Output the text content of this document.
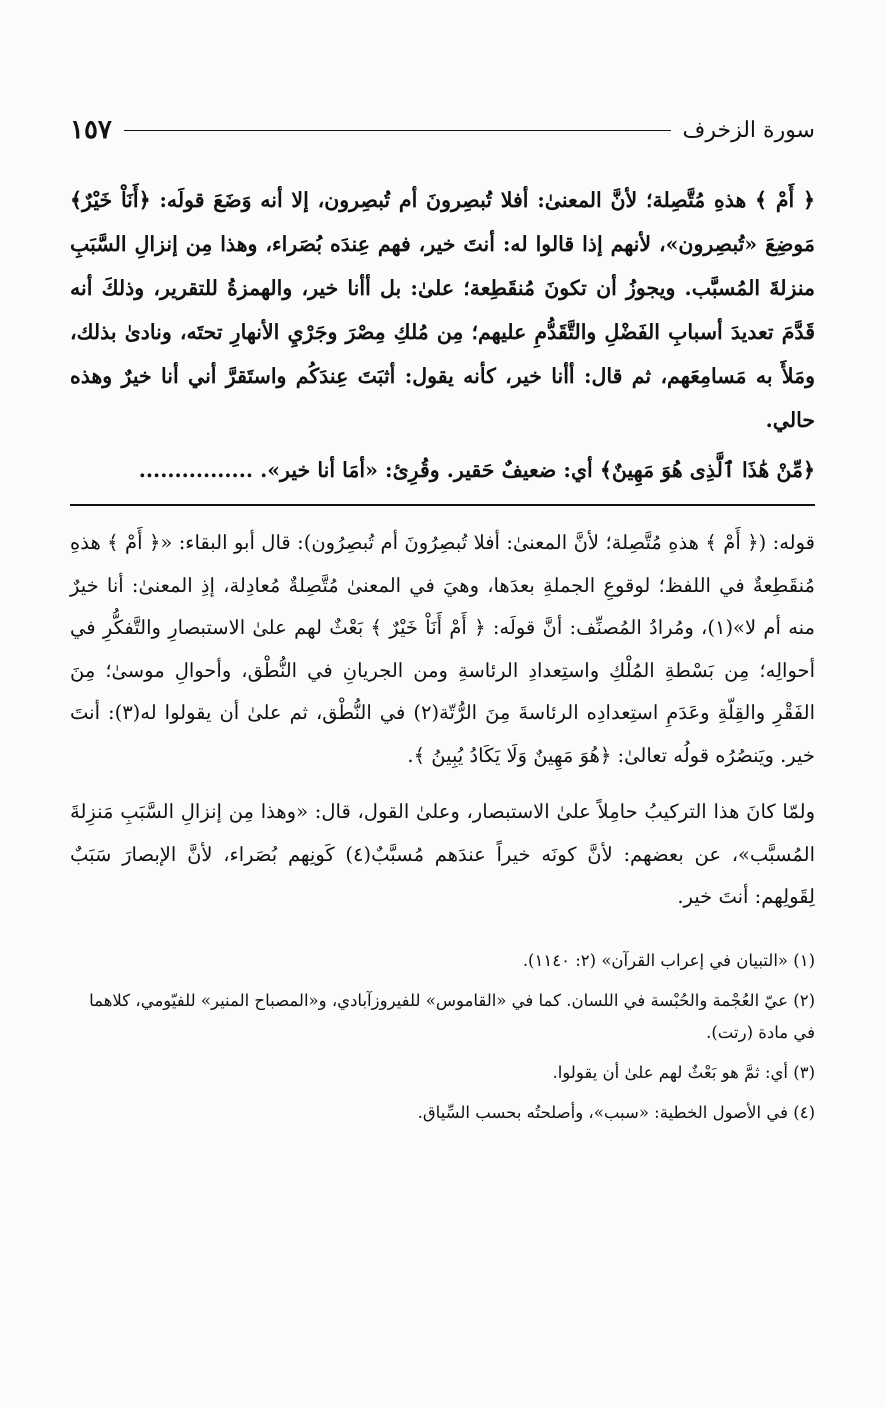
سورة الزخرف
١٥٧

﴿ أَمْ ﴾ هذهِ مُتَّصِلة؛ لأنَّ المعنىٰ: أفلا تُبصِرونَ أم تُبصِرون، إلا أنه وَضَعَ قولَه: ﴿أَنَاْ خَيْرٌ﴾ مَوضِعَ «تُبصِرون»، لأنهم إذا قالوا له: أنتَ خير، فهم عِندَه بُصَراء، وهذا مِن إنزالِ السَّبَبِ منزلةَ المُسبَّب. ويجوزُ أن تكونَ مُنقَطِعة؛ علىٰ: بل أأنا خير، والهمزةُ للتقرير، وذلكَ أنه قَدَّمَ تعديدَ أسبابِ الفَضْلِ والتَّقَدُّمِ عليهم؛ مِن مُلكِ مِصْرَ وجَرْيِ الأنهارِ تحتَه، ونادىٰ بذلك، ومَلأَ به مَسامِعَهم، ثم قال: أأنا خير، كأنه يقول: أثبَتَ عِندَكُم واستَقرَّ أني أنا خيرٌ وهذه حالي.

﴿مِّنْ هَٰذَا ٱلَّذِى هُوَ مَهِينٌ﴾ أي: ضعيفٌ حَقير. وقُرِئ: «أمَا أنا خير». ................

قوله: (﴿ أَمْ ﴾ هذهِ مُتَّصِلة؛ لأنَّ المعنىٰ: أفلا تُبصِرُونَ أم تُبصِرُون): قال أبو البقاء: «﴿ أَمْ ﴾ هذهِ مُنقَطِعةٌ في اللفظ؛ لوقوعِ الجملةِ بعدَها، وهيَ في المعنىٰ مُتَّصِلةٌ مُعادِلة، إذِ المعنىٰ: أنا خيرٌ منه أم لا»(١)، ومُرادُ المُصنِّف: أنَّ قولَه: ﴿ أَمْ أَنَاْ خَيْرٌ ﴾ بَعْثٌ لهم علىٰ الاستبصارِ والتَّفكُّرِ في أحوالِه؛ مِن بَسْطةِ المُلْكِ واستِعدادِ الرئاسةِ ومن الجريانِ في النُّطْق، وأحوالِ موسىٰ؛ مِنَ الفَقْرِ والقِلّةِ وعَدَمِ استِعدادِه الرئاسةَ مِنَ الرُّتّة(٢) في النُّطْق، ثم علىٰ أن يقولوا له(٣): أنتَ خير. ويَنصُرُه قولُه تعالىٰ: ﴿هُوَ مَهِينٌ وَلَا يَكَادُ يُبِينُ ﴾.

ولمّا كانَ هذا التركيبُ حامِلاً علىٰ الاستبصار، وعلىٰ القول، قال: «وهذا مِن إنزالِ السَّبَبِ مَنزِلةَ المُسبَّب»، عن بعضهم: لأنَّ كونَه خيراً عندَهم مُسبَّبٌ(٤) كَونِهم بُصَراء، لأنَّ الإبصارَ سَبَبٌ لِقَولِهم: أنتَ خير.

(١) «التبيان في إعراب القرآن» (٢: ١١٤٠).

(٢) عيّ العُجْمة والحُبْسة في اللسان. كما في «القاموس» للفيروزآبادي، و«المصباح المنير» للفيّومي، كلاهما في مادة (رتت).

(٣) أي: ثمَّ هو بَعْثٌ لهم علىٰ أن يقولوا.

(٤) في الأصول الخطية: «سبب»، وأصلحتُه بحسب السِّياق.
